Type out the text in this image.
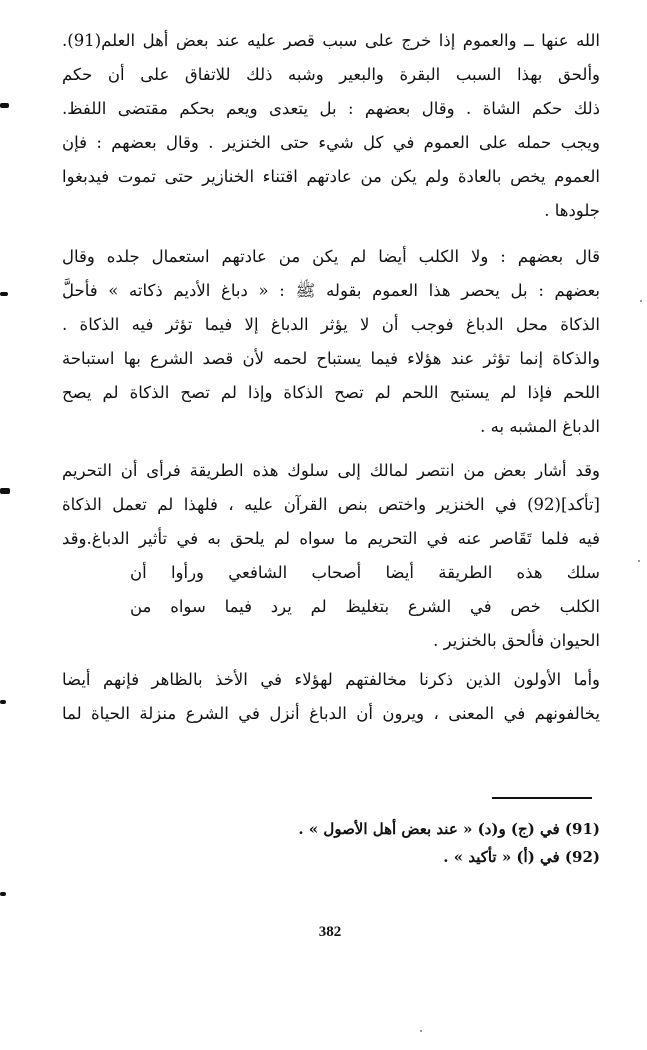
الله عنها ــ والعموم إذا خرج على سبب قصر عليه عند بعض أهل العلم(91).
وألحق بهذا السبب البقرة والبعير وشبه ذلك للاتفاق على أن حكم
ذلك حكم الشاة . وقال بعضهم : بل يتعدى ويعم بحكم مقتضى اللفظ.
ويجب حمله على العموم في كل شيء حتى الخنزير . وقال بعضهم : فإن
العموم يخص بالعادة ولم يكن من عادتهم اقتناء الخنازير حتى تموت فيدبغوا
جلودها .
قال بعضهم : ولا الكلب أيضا لم يكن من عادتهم استعمال جلده وقال
بعضهم : بل يحصر هذا العموم بقوله ﷺ : « دباغ الأديم ذكاته » فأحلَّ
الذكاة محل الدباغ فوجب أن لا يؤثر الدباغ إلا فيما تؤثر فيه الذكاة .
والذكاة إنما تؤثر عند هؤلاء فيما يستباح لحمه لأن قصد الشرع بها استباحة
اللحم فإذا لم يستبح اللحم لم تصح الذكاة وإذا لم تصح الذكاة لم يصح
الدباغ المشبه به .
وقد أشار بعض من انتصر لمالك إلى سلوك هذه الطريقة فرأى أن التحريم
[تأكد](92) في الخنزير واختص بنص القرآن عليه ، فلهذا لم تعمل الذكاة
فيه فلما تَقَاصر عنه في التحريم ما سواه لم يلحق به في تأثير الدباغ.وقد
سلك هذه الطريقة أيضا أصحاب الشافعي ورأوا أن
الكلب خص في الشرع بتغليظ لم يرد فيما سواه من
الحيوان فألحق بالخنزير .
وأما الأولون الذين ذكرنا مخالفتهم لهؤلاء في الأخذ بالظاهر فإنهم أيضا
يخالفونهم في المعنى ، ويرون أن الدباغ أنزل في الشرع منزلة الحياة لما
(91) في (ج) و(د) « عند بعض أهل الأصول » .
(92) في (أ) « تأكيد » .
382
